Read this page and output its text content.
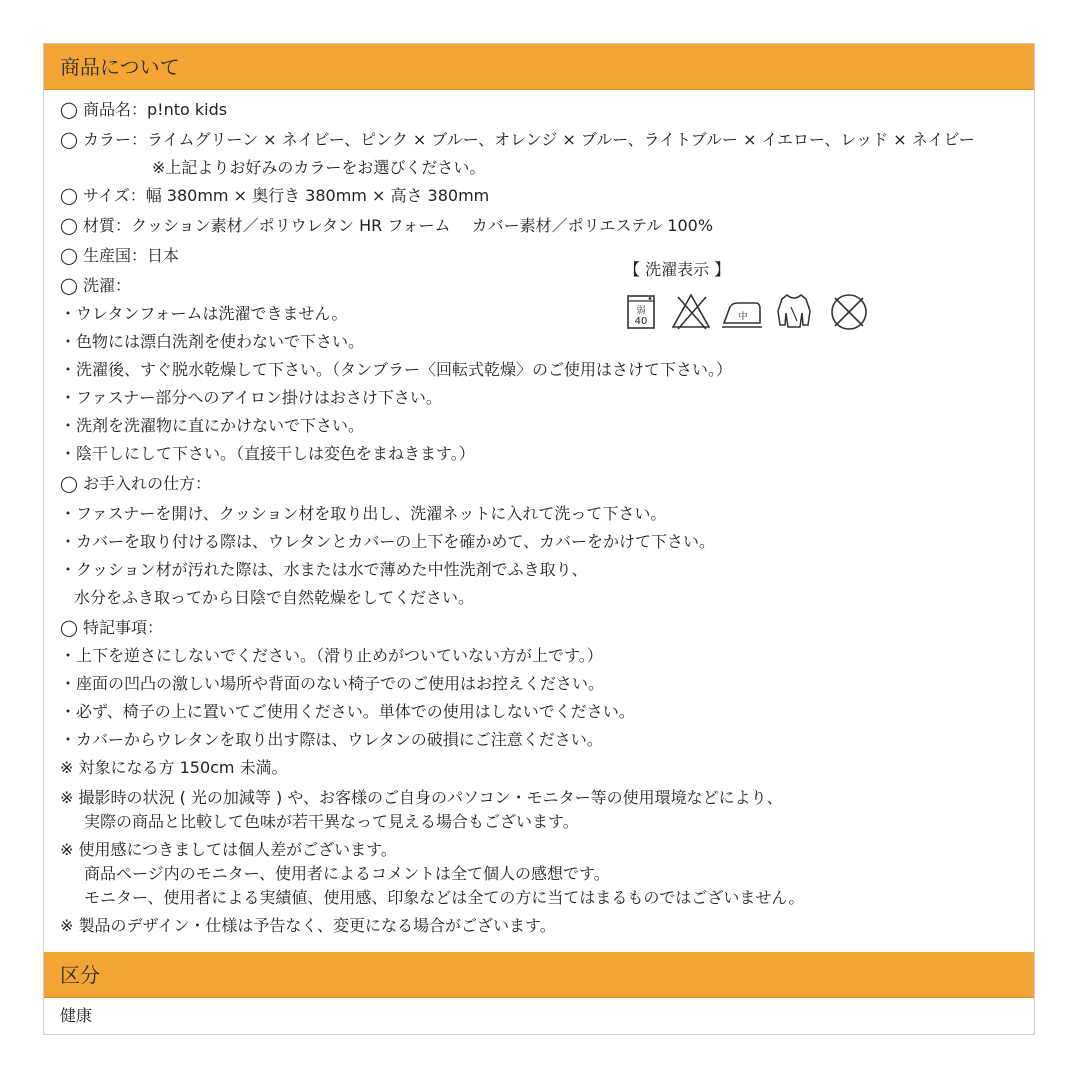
商品について
◯ 商品名：p!nto kids
◯ カラー：ライムグリーン × ネイビー、ピンク × ブルー、オレンジ × ブルー、ライトブルー × イエロー、レッド × ネイビー
※上記よりお好みのカラーをお選びください。
◯ サイズ：幅 380mm × 奥行き 380mm × 高さ 380mm
◯ 材質：クッション素材／ポリウレタン HR フォーム　 カバー素材／ポリエステル 100%
◯ 生産国：日本
◯ 洗濯：
・ウレタンフォームは洗濯できません。
・色物には漂白洗剤を使わないで下さい。
・洗濯後、すぐ脱水乾燥して下さい。（タンブラー〈回転式乾燥〉のご使用はさけて下さい。）
・ファスナー部分へのアイロン掛けはおさけ下さい。
・洗剤を洗濯物に直にかけないで下さい。
・陰干しにして下さい。（直接干しは変色をまねきます。）
◯ お手入れの仕方：
・ファスナーを開け、クッション材を取り出し、洗濯ネットに入れて洗って下さい。
・カバーを取り付ける際は、ウレタンとカバーの上下を確かめて、カバーをかけて下さい。
・クッション材が汚れた際は、水または水で薄めた中性洗剤でふき取り、
水分をふき取ってから日陰で自然乾燥をしてください。
◯ 特記事項：
・上下を逆さにしないでください。（滑り止めがついていない方が上です。）
・座面の凹凸の激しい場所や背面のない椅子でのご使用はお控えください。
・必ず、椅子の上に置いてご使用ください。単体での使用はしないでください。
・カバーからウレタンを取り出す際は、ウレタンの破損にご注意ください。
※ 対象になる方 150cm 未満。
※ 撮影時の状況 ( 光の加減等 ) や、お客様のご自身のパソコン・モニター等の使用環境などにより、
実際の商品と比較して色味が若干異なって見える場合もございます。
※ 使用感につきましては個人差がございます。
商品ページ内のモニター、使用者によるコメントは全て個人の感想です。
モニター、使用者による実績値、使用感、印象などは全ての方に当てはまるものではございません。
※ 製品のデザイン・仕様は予告なく、変更になる場合がございます。
【 洗濯表示 】
弱
40	中
区分
健康
